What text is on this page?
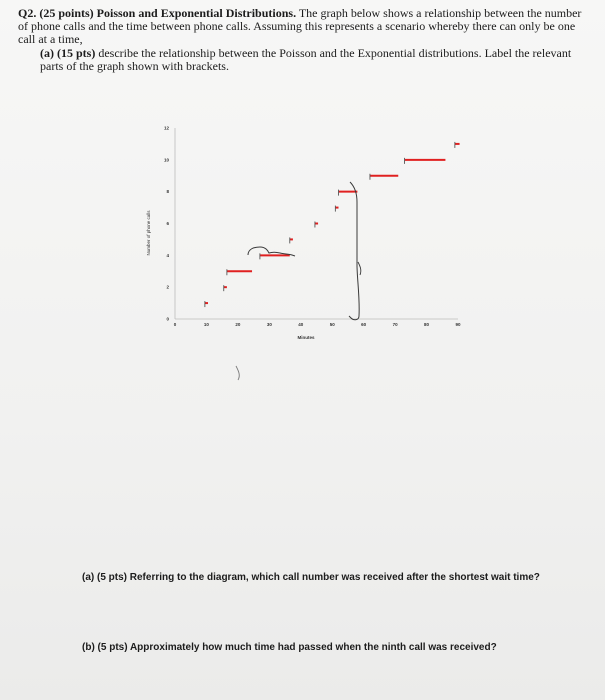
Q2. (25 points) Poisson and Exponential Distributions. The graph below shows a relationship between the number of phone calls and the time between phone calls. Assuming this represents a scenario whereby there can only be one call at a time,
(a) (15 pts) describe the relationship between the Poisson and the Exponential distributions. Label the relevant parts of the graph shown with brackets.
0
2
4
6
8
10
12
0	10	20	30	40	50	60	70	80	90
Minutes
Number of phone calls
(a) (5 pts) Referring to the diagram, which call number was received after the shortest wait time?
(b) (5 pts) Approximately how much time had passed when the ninth call was received?
